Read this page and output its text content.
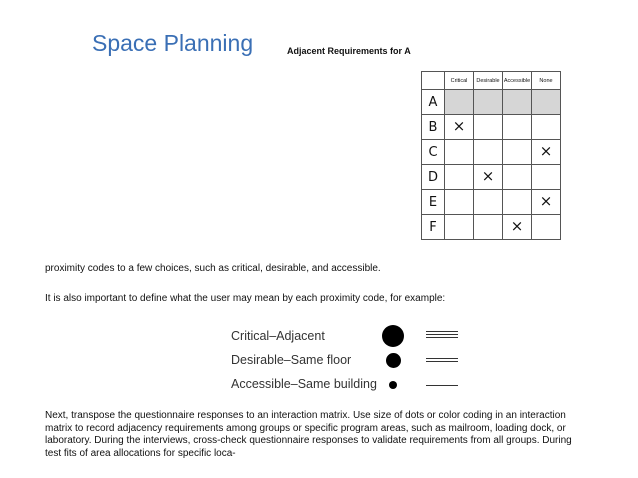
Space Planning	Adjacent Requirements for A
	Critical	Desirable	Accessible	None
A				
B	×			
C				×
D		×		
E				×
F			×	
proximity codes to a few choices, such as critical, desirable, and accessible.
It is also important to define what the user may mean by each proximity code, for example:
Critical–Adjacent
Desirable–Same floor
Accessible–Same building
Next, transpose the questionnaire responses to an interaction matrix. Use size of dots or color coding in an interaction
matrix to record adjacency requirements among groups or specific program areas, such as mailroom, loading dock, or
laboratory. During the interviews, cross-check questionnaire responses to validate requirements from all groups. During
test fits of area allocations for specific loca-
